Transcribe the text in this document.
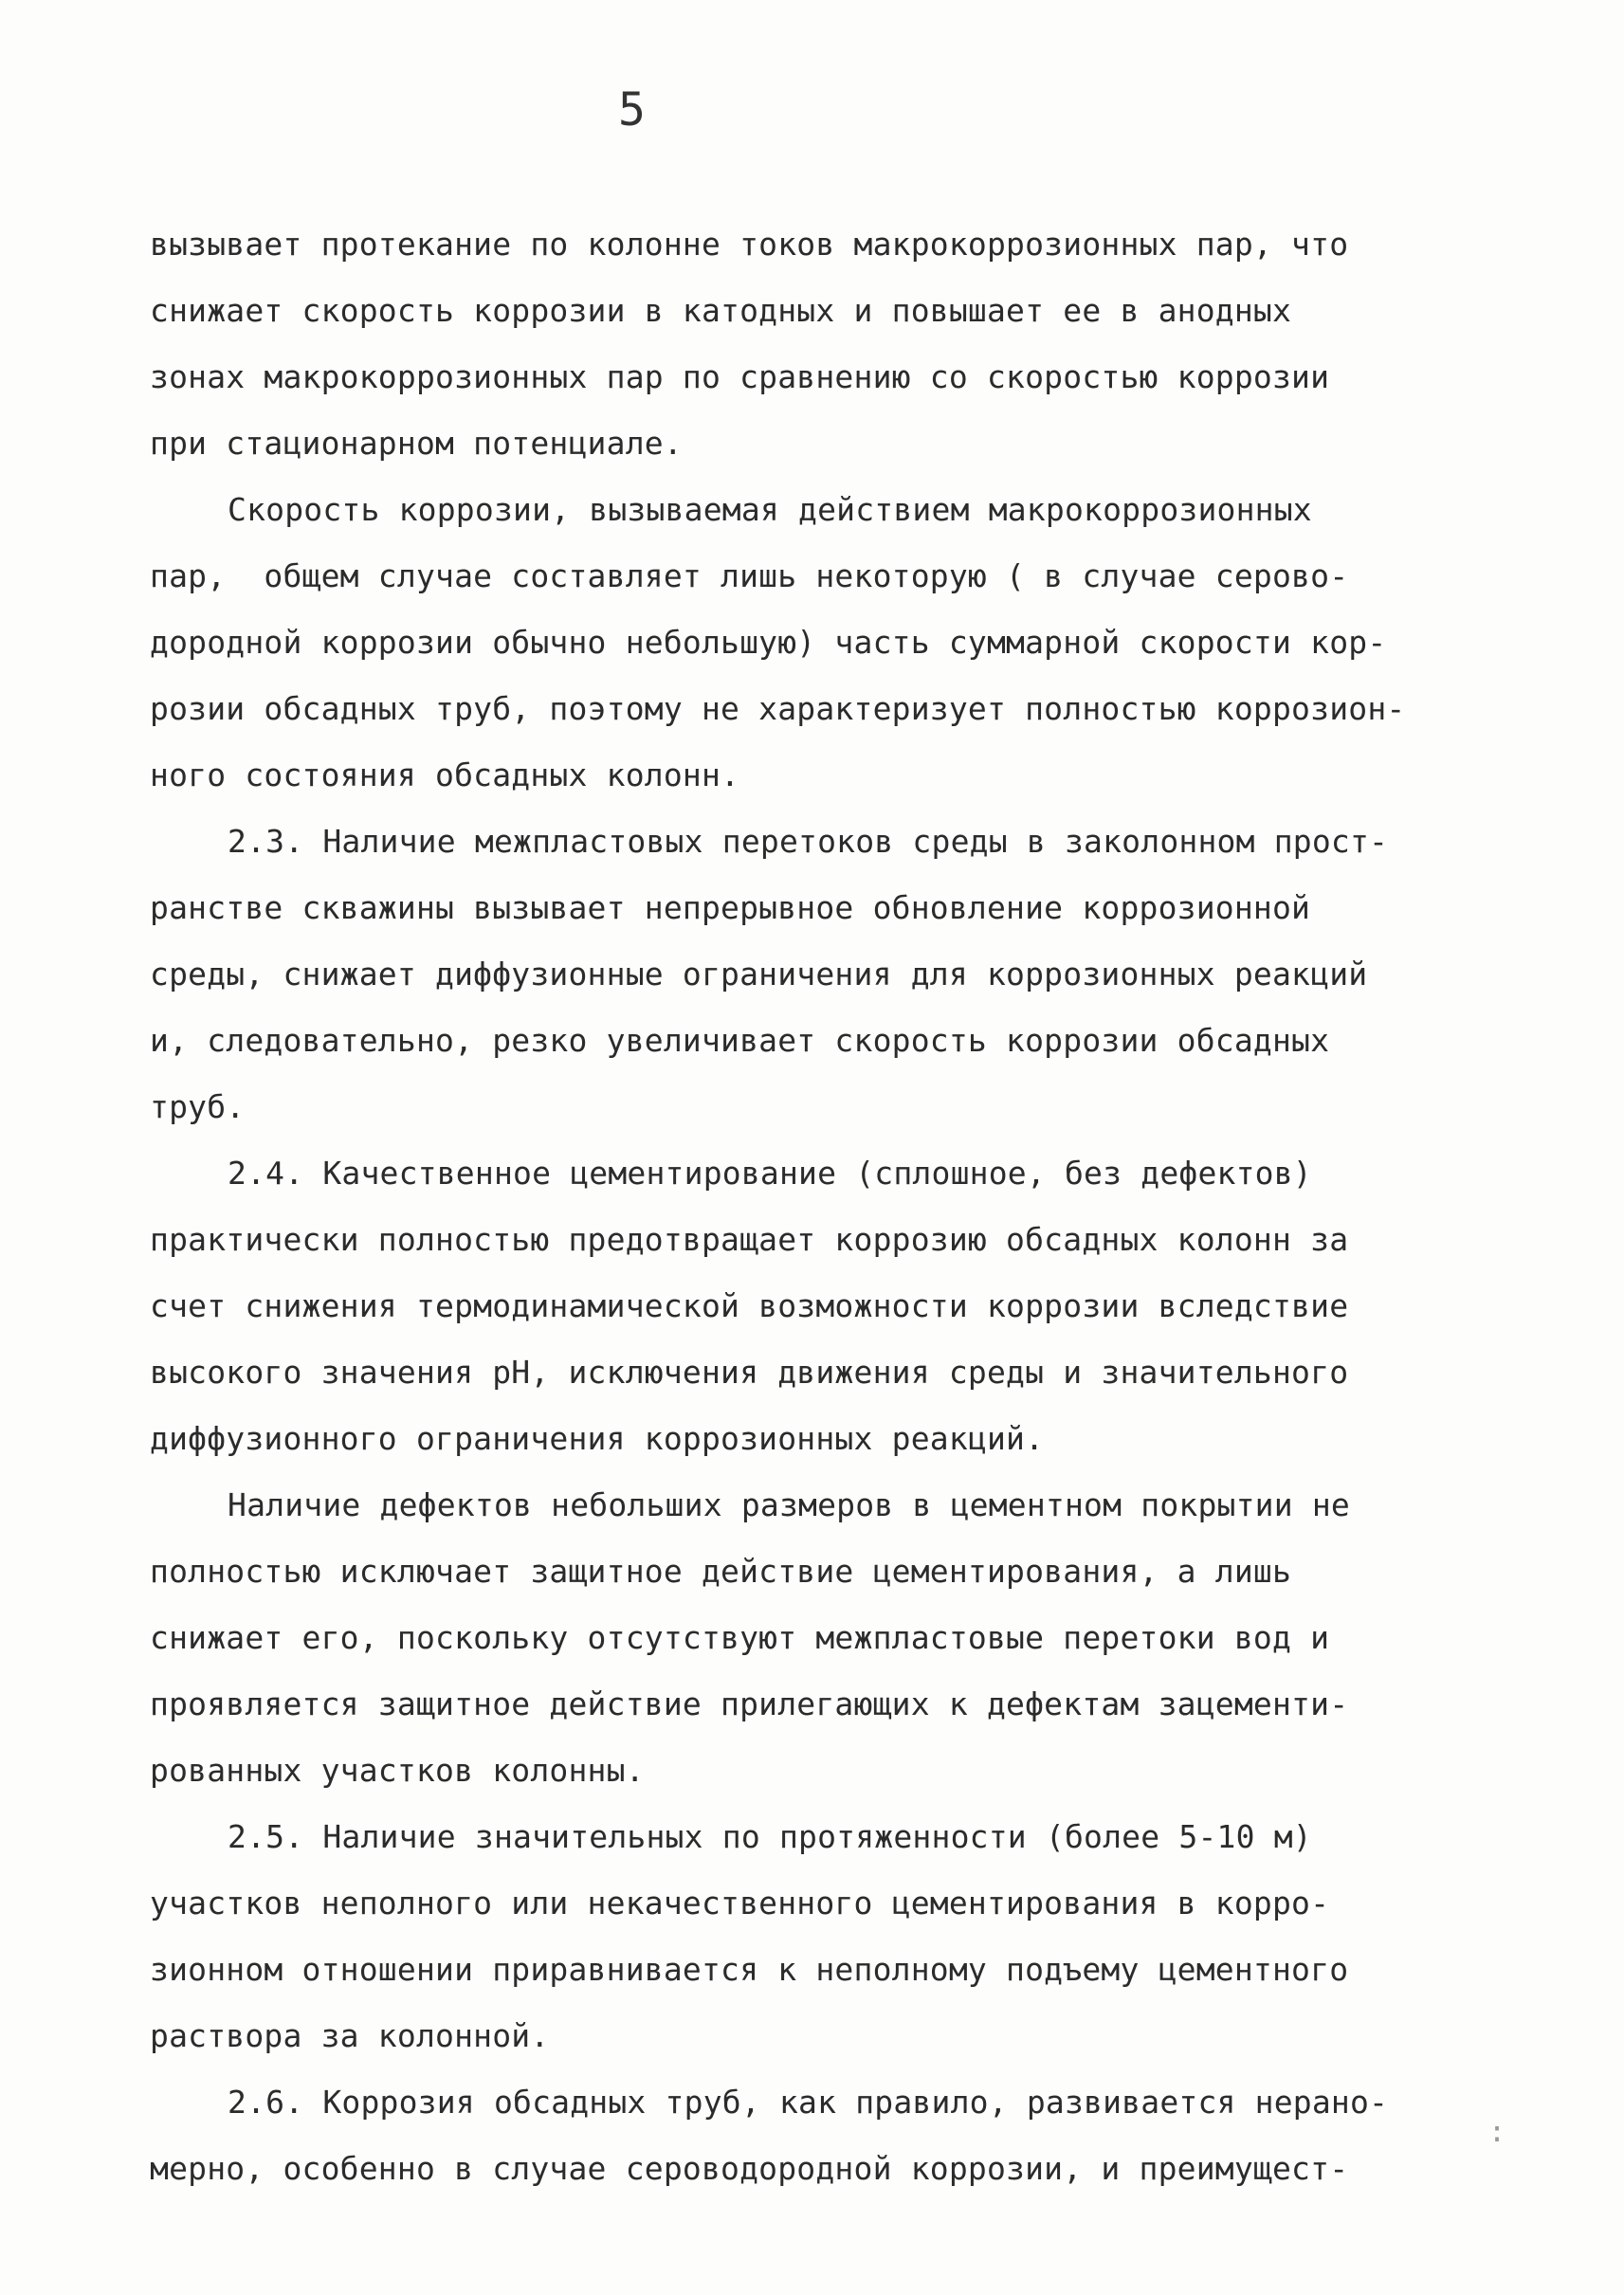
5
вызывает протекание по колонне токов макрокоррозионных пар, что
снижает скорость коррозии в катодных и повышает ее в анодных
зонах макрокоррозионных пар по сравнению со скоростью коррозии
при стационарном потенциале.
Скорость коррозии, вызываемая действием макрокоррозионных
пар,  общем случае составляет лишь некоторую ( в случае серово-
дородной коррозии обычно небольшую) часть суммарной скорости кор-
розии обсадных труб, поэтому не характеризует полностью коррозион-
ного состояния обсадных колонн.
2.3. Наличие межпластовых перетоков среды в заколонном прост-
ранстве скважины вызывает непрерывное обновление коррозионной
среды, снижает диффузионные ограничения для коррозионных реакций
и, следовательно, резко увеличивает скорость коррозии обсадных
труб.
2.4. Качественное цементирование (сплошное, без дефектов)
практически полностью предотвращает коррозию обсадных колонн за
счет снижения термодинамической возможности коррозии вследствие
высокого значения pH, исключения движения среды и значительного
диффузионного ограничения коррозионных реакций.
Наличие дефектов небольших размеров в цементном покрытии не
полностью исключает защитное действие цементирования, а лишь
снижает его, поскольку отсутствуют межпластовые перетоки вод и
проявляется защитное действие прилегающих к дефектам зацементи-
рованных участков колонны.
2.5. Наличие значительных по протяженности (более 5-10 м)
участков неполного или некачественного цементирования в корро-
зионном отношении приравнивается к неполному подъему цементного
раствора за колонной.
2.6. Коррозия обсадных труб, как правило, развивается нерано-
мерно, особенно в случае сероводородной коррозии, и преимущест-
:
